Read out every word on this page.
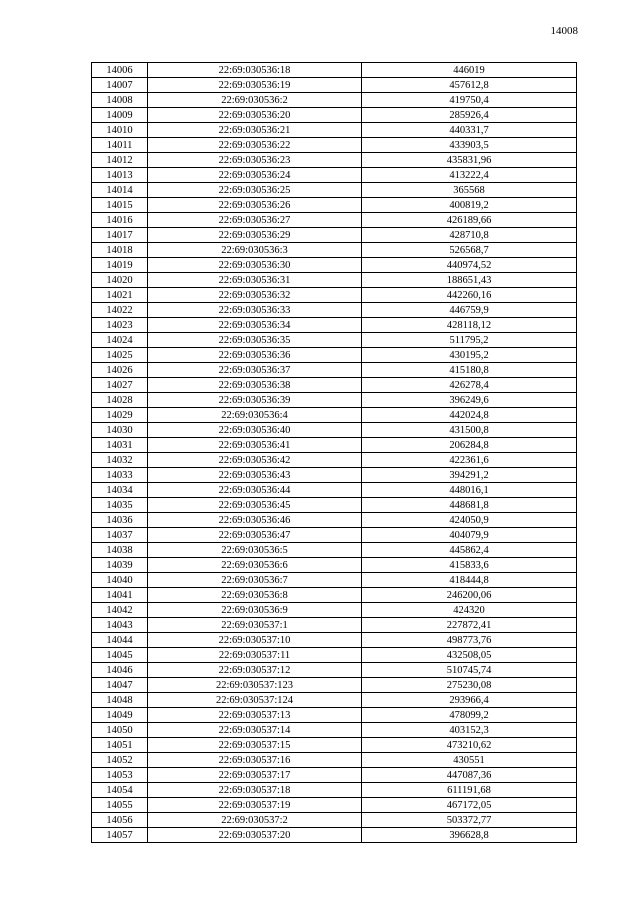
14008
14006	22:69:030536:18	446019
14007	22:69:030536:19	457612,8
14008	22:69:030536:2	419750,4
14009	22:69:030536:20	285926,4
14010	22:69:030536:21	440331,7
14011	22:69:030536:22	433903,5
14012	22:69:030536:23	435831,96
14013	22:69:030536:24	413222,4
14014	22:69:030536:25	365568
14015	22:69:030536:26	400819,2
14016	22:69:030536:27	426189,66
14017	22:69:030536:29	428710,8
14018	22:69:030536:3	526568,7
14019	22:69:030536:30	440974,52
14020	22:69:030536:31	188651,43
14021	22:69:030536:32	442260,16
14022	22:69:030536:33	446759,9
14023	22:69:030536:34	428118,12
14024	22:69:030536:35	511795,2
14025	22:69:030536:36	430195,2
14026	22:69:030536:37	415180,8
14027	22:69:030536:38	426278,4
14028	22:69:030536:39	396249,6
14029	22:69:030536:4	442024,8
14030	22:69:030536:40	431500,8
14031	22:69:030536:41	206284,8
14032	22:69:030536:42	422361,6
14033	22:69:030536:43	394291,2
14034	22:69:030536:44	448016,1
14035	22:69:030536:45	448681,8
14036	22:69:030536:46	424050,9
14037	22:69:030536:47	404079,9
14038	22:69:030536:5	445862,4
14039	22:69:030536:6	415833,6
14040	22:69:030536:7	418444,8
14041	22:69:030536:8	246200,06
14042	22:69:030536:9	424320
14043	22:69:030537:1	227872,41
14044	22:69:030537:10	498773,76
14045	22:69:030537:11	432508,05
14046	22:69:030537:12	510745,74
14047	22:69:030537:123	275230,08
14048	22:69:030537:124	293966,4
14049	22:69:030537:13	478099,2
14050	22:69:030537:14	403152,3
14051	22:69:030537:15	473210,62
14052	22:69:030537:16	430551
14053	22:69:030537:17	447087,36
14054	22:69:030537:18	611191,68
14055	22:69:030537:19	467172,05
14056	22:69:030537:2	503372,77
14057	22:69:030537:20	396628,8
